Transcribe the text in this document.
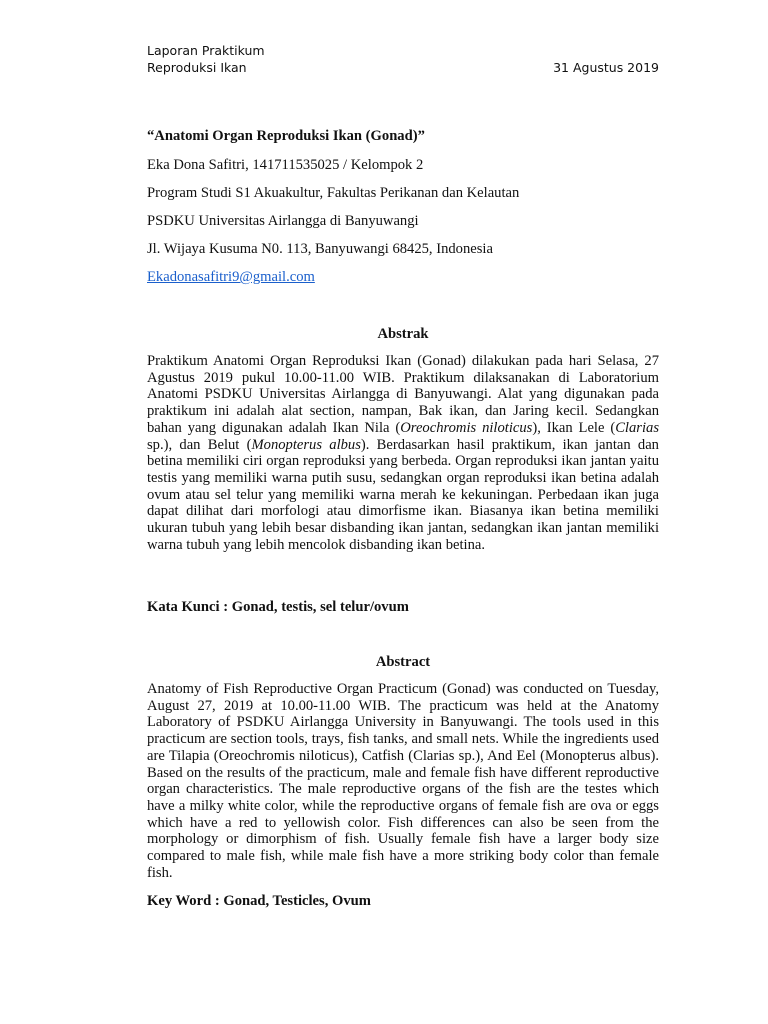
Laporan Praktikum
Reproduksi Ikan	31 Agustus 2019
“Anatomi Organ Reproduksi Ikan (Gonad)”
Eka Dona Safitri, 141711535025 / Kelompok 2
Program Studi S1 Akuakultur, Fakultas Perikanan dan Kelautan
PSDKU Universitas Airlangga di Banyuwangi
Jl. Wijaya Kusuma N0. 113, Banyuwangi 68425, Indonesia
Ekadonasafitri9@gmail.com
Abstrak
Praktikum Anatomi Organ Reproduksi Ikan (Gonad) dilakukan pada hari Selasa, 27 Agustus 2019 pukul 10.00-11.00 WIB. Praktikum dilaksanakan di Laboratorium Anatomi PSDKU Universitas Airlangga di Banyuwangi. Alat yang digunakan pada praktikum ini adalah alat section, nampan, Bak ikan, dan Jaring kecil. Sedangkan bahan yang digunakan adalah Ikan Nila (Oreochromis niloticus), Ikan Lele (Clarias sp.), dan Belut (Monopterus albus). Berdasarkan hasil praktikum, ikan jantan dan betina memiliki ciri organ reproduksi yang berbeda. Organ reproduksi ikan jantan yaitu testis yang memiliki warna putih susu, sedangkan organ reproduksi ikan betina adalah ovum atau sel telur yang memiliki warna merah ke kekuningan. Perbedaan ikan juga dapat dilihat dari morfologi atau dimorfisme ikan. Biasanya ikan betina memiliki ukuran tubuh yang lebih besar disbanding ikan jantan, sedangkan ikan jantan memiliki warna tubuh yang lebih mencolok disbanding ikan betina.
Kata Kunci : Gonad, testis, sel telur/ovum
Abstract
Anatomy of Fish Reproductive Organ Practicum (Gonad) was conducted on Tuesday, August 27, 2019 at 10.00-11.00 WIB. The practicum was held at the Anatomy Laboratory of PSDKU Airlangga University in Banyuwangi. The tools used in this practicum are section tools, trays, fish tanks, and small nets. While the ingredients used are Tilapia (Oreochromis niloticus), Catfish (Clarias sp.), And Eel (Monopterus albus). Based on the results of the practicum, male and female fish have different reproductive organ characteristics. The male reproductive organs of the fish are the testes which have a milky white color, while the reproductive organs of female fish are ova or eggs which have a red to yellowish color. Fish differences can also be seen from the morphology or dimorphism of fish. Usually female fish have a larger body size compared to male fish, while male fish have a more striking body color than female fish.
Key Word : Gonad, Testicles, Ovum
